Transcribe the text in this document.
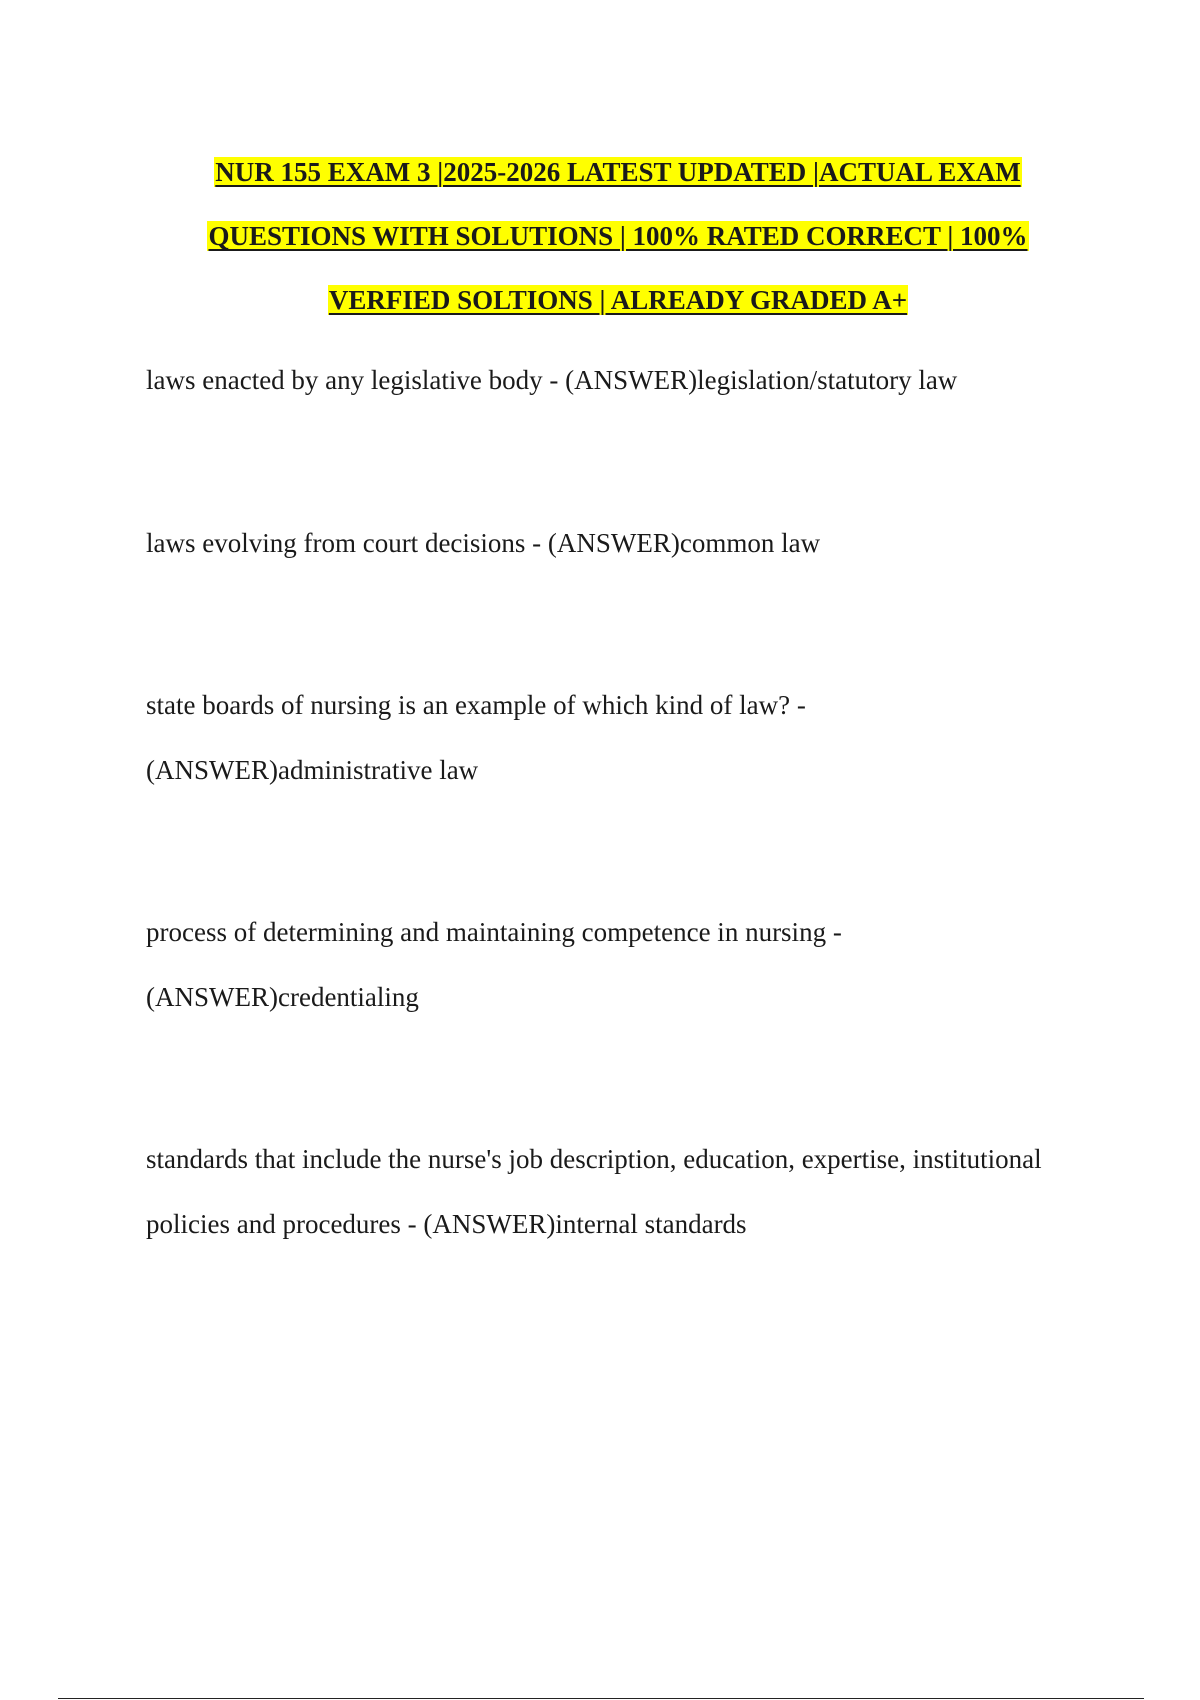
NUR 155 EXAM 3 |2025-2026 LATEST UPDATED |ACTUAL EXAM
QUESTIONS WITH SOLUTIONS | 100% RATED CORRECT | 100%
VERFIED SOLTIONS | ALREADY GRADED A+
laws enacted by any legislative body - (ANSWER)legislation/statutory law
laws evolving from court decisions - (ANSWER)common law
state boards of nursing is an example of which kind of law? - (ANSWER)administrative law
process of determining and maintaining competence in nursing - (ANSWER)credentialing
standards that include the nurse's job description, education, expertise, institutional policies and procedures - (ANSWER)internal standards
